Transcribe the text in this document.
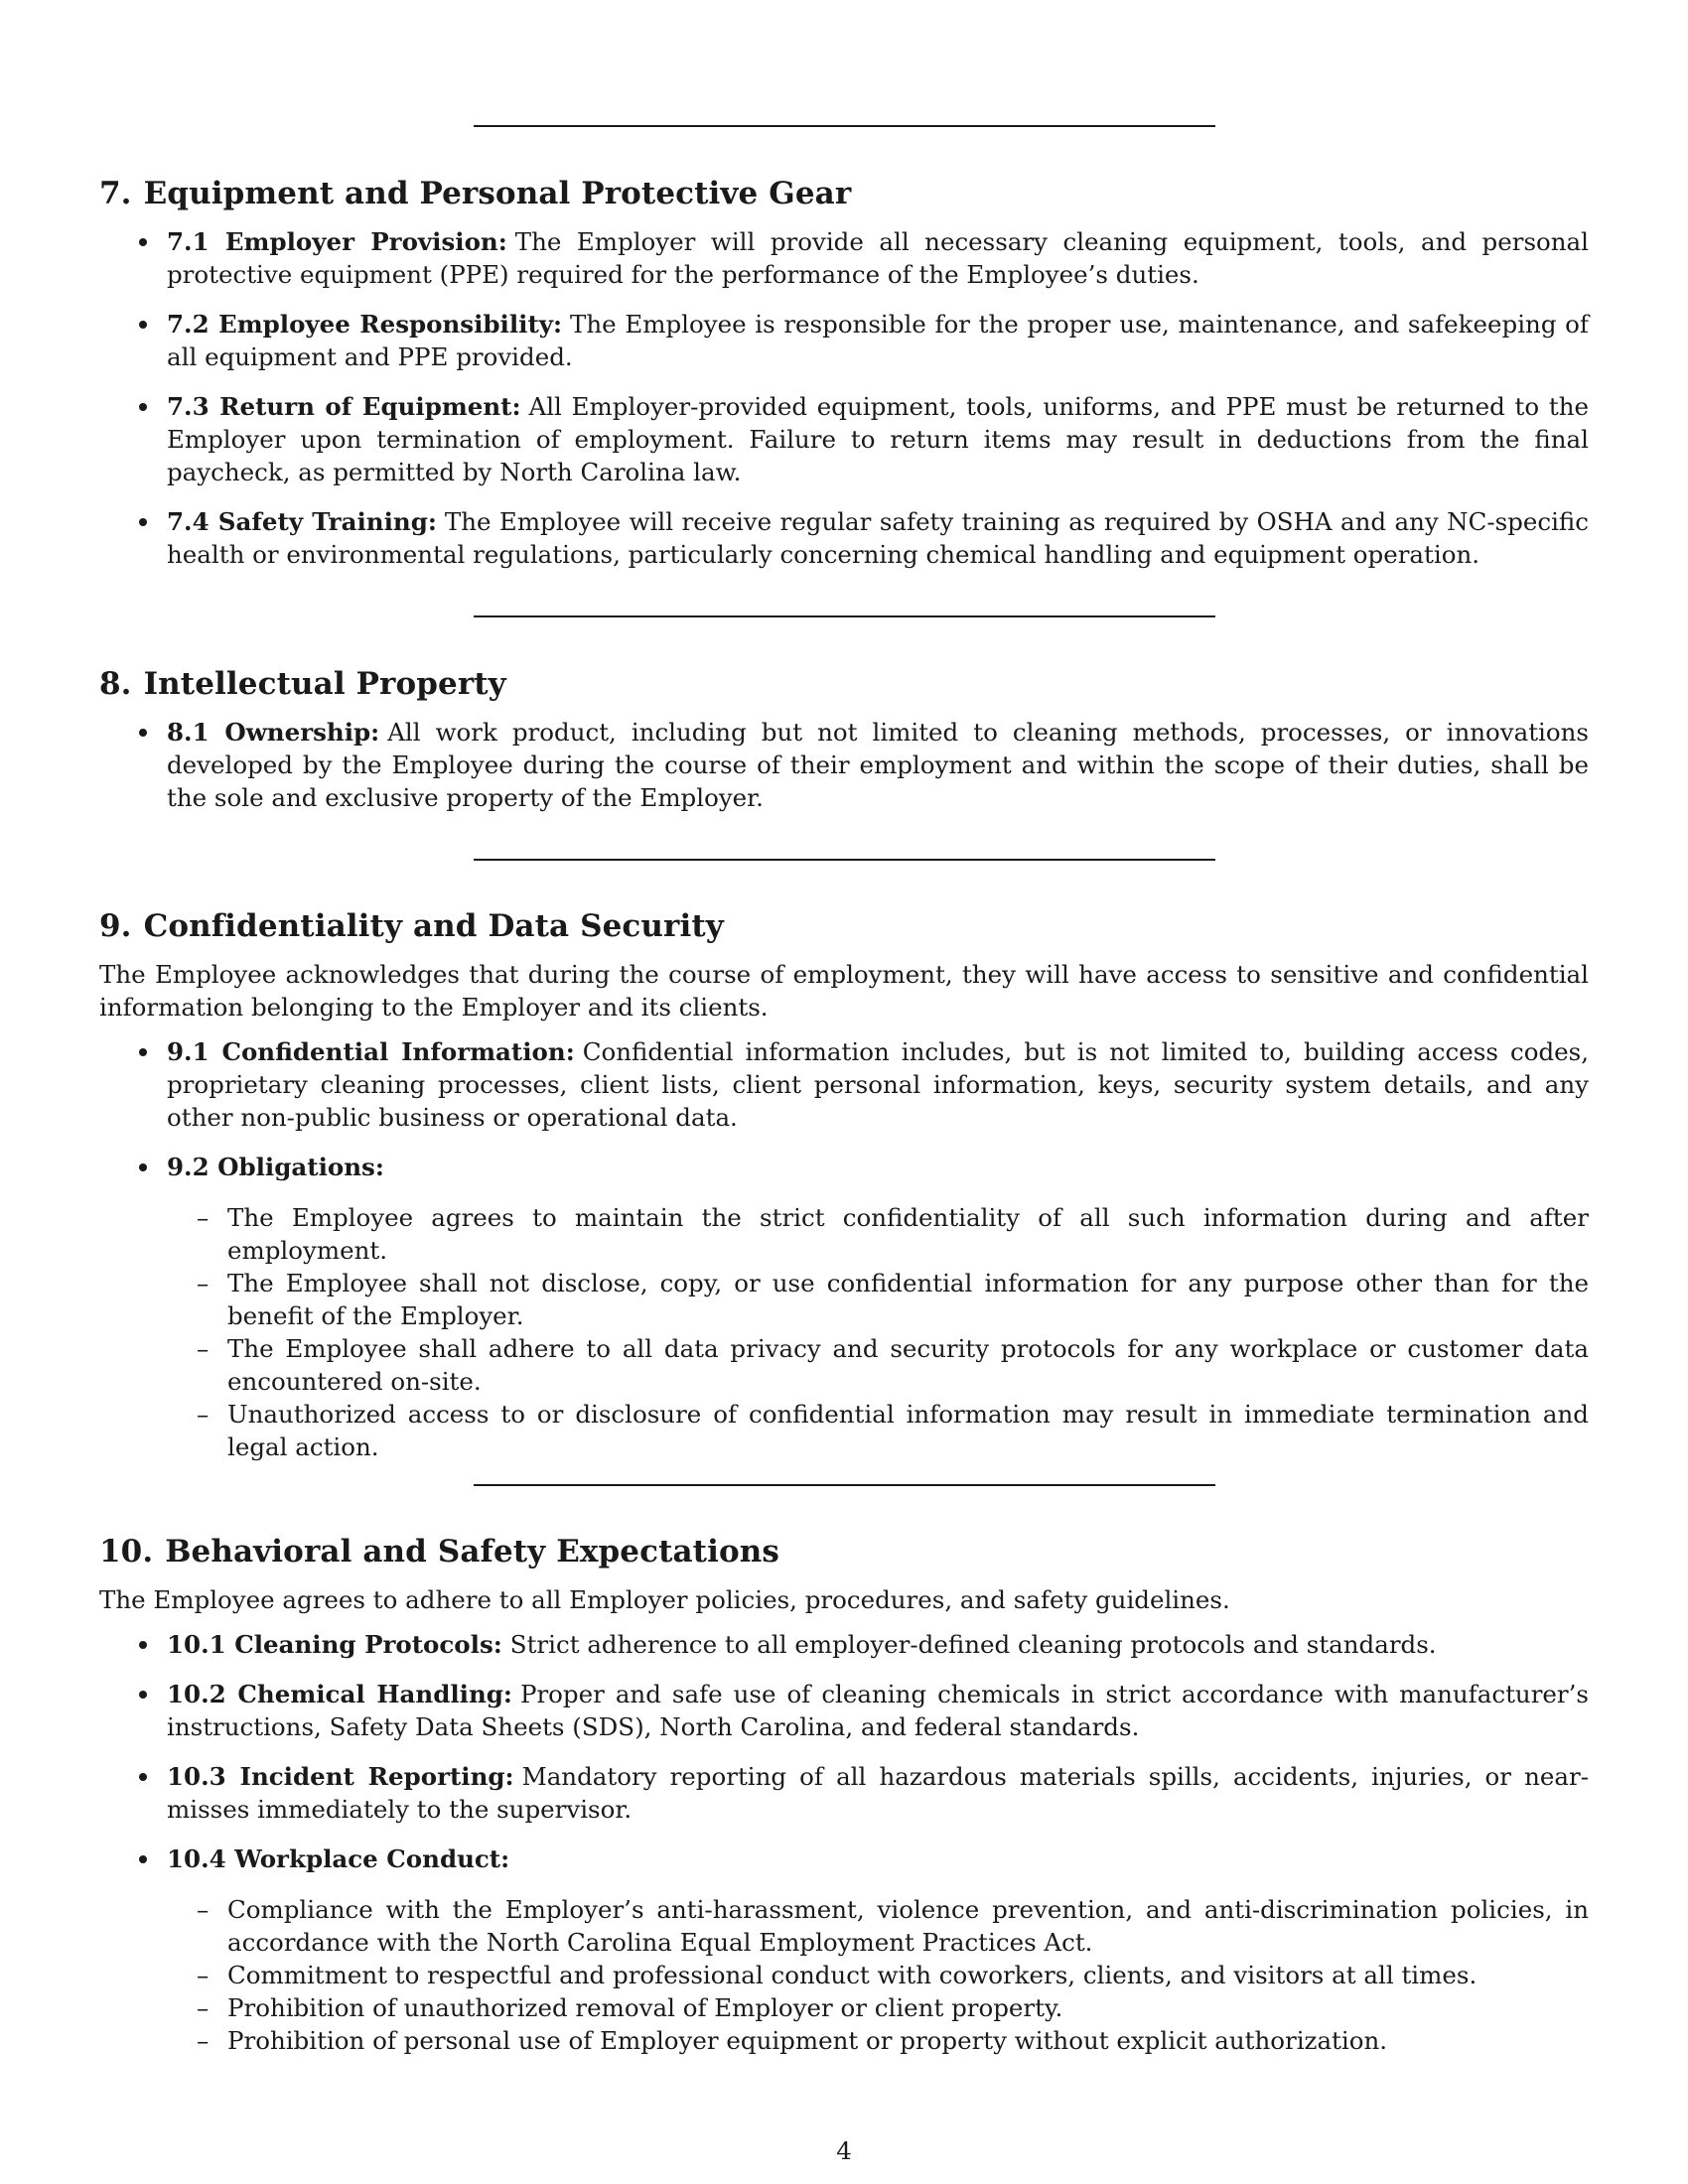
7. Equipment and Personal Protective Gear
7.1 Employer Provision: The Employer will provide all necessary cleaning equipment, tools, and personal protective equipment (PPE) required for the performance of the Employee’s duties.
7.2 Employee Responsibility: The Employee is responsible for the proper use, maintenance, and safekeeping of all equipment and PPE provided.
7.3 Return of Equipment: All Employer-provided equipment, tools, uniforms, and PPE must be returned to the Employer upon termination of employment. Failure to return items may result in deductions from the final paycheck, as permitted by North Carolina law.
7.4 Safety Training: The Employee will receive regular safety training as required by OSHA and any NC-specific health or environmental regulations, particularly concerning chemical handling and equipment operation.
8. Intellectual Property
8.1 Ownership: All work product, including but not limited to cleaning methods, processes, or innovations developed by the Employee during the course of their employment and within the scope of their duties, shall be the sole and exclusive property of the Employer.
9. Confidentiality and Data Security

The Employee acknowledges that during the course of employment, they will have access to sensitive and confidential information belonging to the Employer and its clients.

9.1 Confidential Information: Confidential information includes, but is not limited to, building access codes, proprietary cleaning processes, client lists, client personal information, keys, security system details, and any other non-public business or operational data.
9.2 Obligations:
– The Employee agrees to maintain the strict confidentiality of all such information during and after employment.
– The Employee shall not disclose, copy, or use confidential information for any purpose other than for the benefit of the Employer.
– The Employee shall adhere to all data privacy and security protocols for any workplace or customer data encountered on-site.
– Unauthorized access to or disclosure of confidential information may result in immediate termination and legal action.
10. Behavioral and Safety Expectations

The Employee agrees to adhere to all Employer policies, procedures, and safety guidelines.

10.1 Cleaning Protocols: Strict adherence to all employer-defined cleaning protocols and standards.
10.2 Chemical Handling: Proper and safe use of cleaning chemicals in strict accordance with manufacturer’s instructions, Safety Data Sheets (SDS), North Carolina, and federal standards.
10.3 Incident Reporting: Mandatory reporting of all hazardous materials spills, accidents, injuries, or near-misses immediately to the supervisor.
10.4 Workplace Conduct:
– Compliance with the Employer’s anti-harassment, violence prevention, and anti-discrimination policies, in accordance with the North Carolina Equal Employment Practices Act.
– Commitment to respectful and professional conduct with coworkers, clients, and visitors at all times.
– Prohibition of unauthorized removal of Employer or client property.
– Prohibition of personal use of Employer equipment or property without explicit authorization.
4
